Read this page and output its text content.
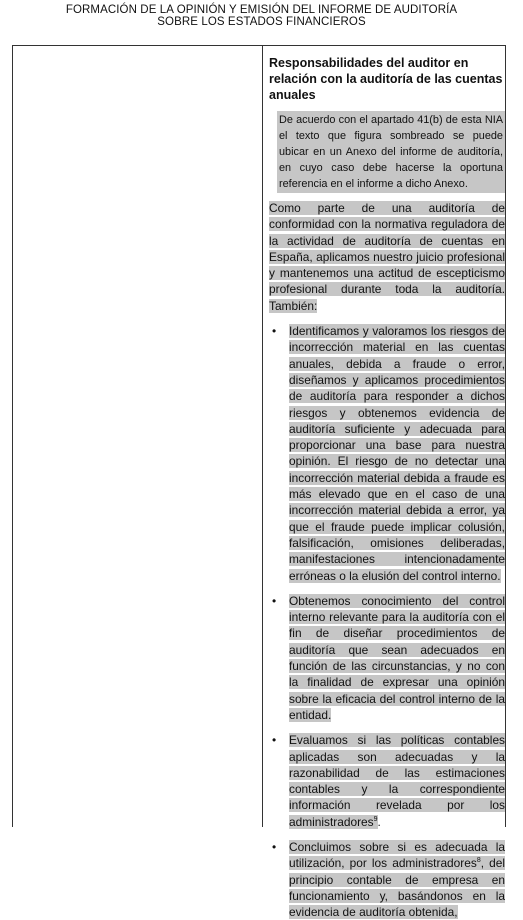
FORMACIÓN DE LA OPINIÓN Y EMISIÓN DEL INFORME DE AUDITORÍA
SOBRE LOS ESTADOS FINANCIEROS
Responsabilidades del auditor en relación con la auditoría de las cuentas anuales
De acuerdo con el apartado 41(b) de esta NIA el texto que figura sombreado se puede ubicar en un Anexo del informe de auditoría, en cuyo caso debe hacerse la oportuna referencia en el informe a dicho Anexo.
Como parte de una auditoría de conformidad con la normativa reguladora de la actividad de auditoría de cuentas en España, aplicamos nuestro juicio profesional y mantenemos una actitud de escepticismo profesional durante toda la auditoría. También:
• Identificamos y valoramos los riesgos de incorrección material en las cuentas anuales, debida a fraude o error, diseñamos y aplicamos procedimientos de auditoría para responder a dichos riesgos y obtenemos evidencia de auditoría suficiente y adecuada para proporcionar una base para nuestra opinión. El riesgo de no detectar una incorrección material debida a fraude es más elevado que en el caso de una incorrección material debida a error, ya que el fraude puede implicar colusión, falsificación, omisiones deliberadas, manifestaciones intencionadamente erróneas o la elusión del control interno.
• Obtenemos conocimiento del control interno relevante para la auditoría con el fin de diseñar procedimientos de auditoría que sean adecuados en función de las circunstancias, y no con la finalidad de expresar una opinión sobre la eficacia del control interno de la entidad.
• Evaluamos si las políticas contables aplicadas son adecuadas y la razonabilidad de las estimaciones contables y la correspondiente información revelada por los administradores$^9$.
• Concluimos sobre si es adecuada la utilización, por los administradores$^8$, del principio contable de empresa en funcionamiento y, basándonos en la evidencia de auditoría obtenida,
